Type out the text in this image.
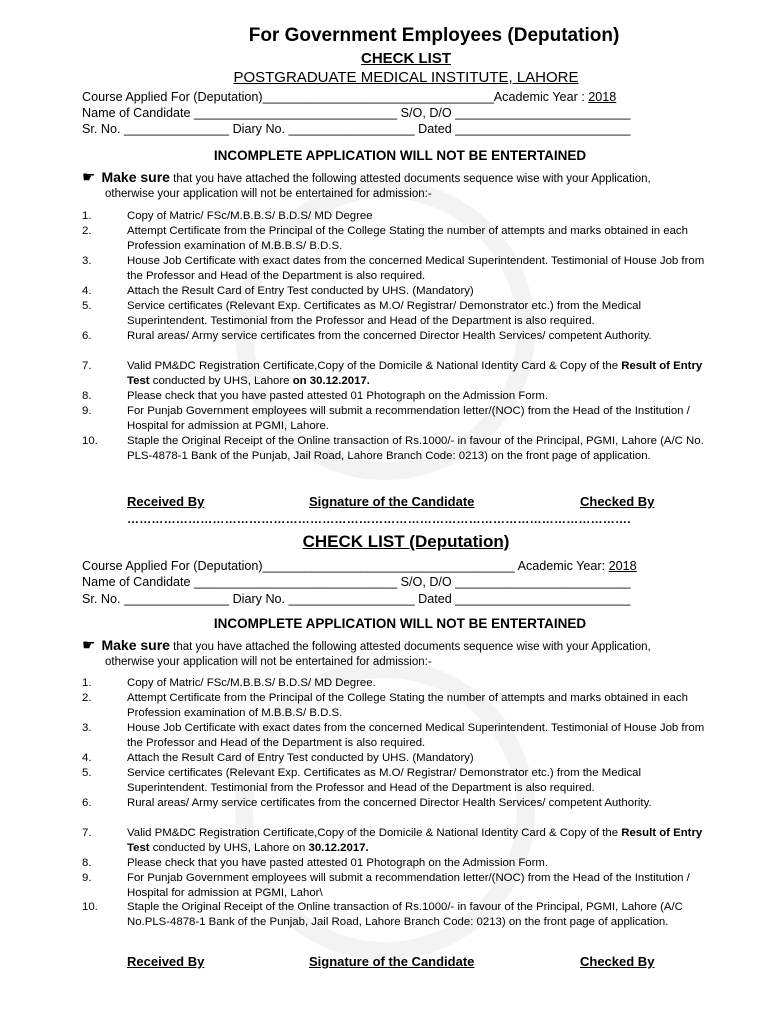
For Government Employees (Deputation)
CHECK LIST
POSTGRADUATE MEDICAL INSTITUTE, LAHORE
Course Applied For (Deputation)_________________________________Academic Year : 2018
Name of Candidate _____________________________ S/O, D/O _________________________
Sr. No. _______________ Diary No. __________________ Dated _________________________
INCOMPLETE APPLICATION WILL NOT BE ENTERTAINED
☛ Make sure that you have attached the following attested documents sequence wise with your Application,
otherwise your application will not be entertained for admission:-
1.	Copy of Matric/ FSc/M.B.B.S/ B.D.S/ MD Degree
2.	Attempt Certificate from the Principal of the College Stating the number of attempts and marks obtained in each Profession examination of M.B.B.S/ B.D.S.
3.	House Job Certificate with exact dates from the concerned Medical Superintendent. Testimonial of House Job from the Professor and Head of the Department is also required.
4.	Attach the Result Card of Entry Test conducted by UHS. (Mandatory)
5.	Service certificates (Relevant Exp. Certificates as M.O/ Registrar/ Demonstrator etc.) from the Medical Superintendent. Testimonial from the Professor and Head of the Department is also required.
6.	Rural areas/ Army service certificates from the concerned Director Health Services/ competent Authority.
7.	Valid PM&DC Registration Certificate,Copy of the Domicile & National Identity Card & Copy of the Result of Entry Test conducted by UHS, Lahore on 30.12.2017.
8.	Please check that you have pasted attested 01 Photograph on the Admission Form.
9.	For Punjab Government employees will submit a recommendation letter/(NOC) from the Head of the Institution / Hospital for admission at PGMI, Lahore.
10.	Staple the Original Receipt of the Online transaction of Rs.1000/- in favour of the Principal, PGMI, Lahore (A/C No. PLS-4878-1 Bank of the Punjab, Jail Road, Lahore Branch Code: 0213) on the front page of application.
Received By	Signature of the Candidate	Checked By
…………………………………………………………………………………………………………….
CHECK LIST (Deputation)
Course Applied For (Deputation)____________________________________ Academic Year: 2018
Name of Candidate _____________________________ S/O, D/O _________________________
Sr. No. _______________ Diary No. __________________ Dated _________________________
INCOMPLETE APPLICATION WILL NOT BE ENTERTAINED
☛ Make sure that you have attached the following attested documents sequence wise with your Application,
otherwise your application will not be entertained for admission:-
1.	Copy of Matric/ FSc/M.B.B.S/ B.D.S/ MD Degree.
2.	Attempt Certificate from the Principal of the College Stating the number of attempts and marks obtained in each Profession examination of M.B.B.S/ B.D.S.
3.	House Job Certificate with exact dates from the concerned Medical Superintendent. Testimonial of House Job from the Professor and Head of the Department is also required.
4.	Attach the Result Card of Entry Test conducted by UHS. (Mandatory)
5.	Service certificates (Relevant Exp. Certificates as M.O/ Registrar/ Demonstrator etc.) from the Medical Superintendent. Testimonial from the Professor and Head of the Department is also required.
6.	Rural areas/ Army service certificates from the concerned Director Health Services/ competent Authority.
7.	Valid PM&DC Registration Certificate,Copy of the Domicile & National Identity Card & Copy of the Result of Entry Test conducted by UHS, Lahore on 30.12.2017.
8.	Please check that you have pasted attested 01 Photograph on the Admission Form.
9.	For Punjab Government employees will submit a recommendation letter/(NOC) from the Head of the Institution / Hospital for admission at PGMI, Lahor\
10.	Staple the Original Receipt of the Online transaction of Rs.1000/- in favour of the Principal, PGMI, Lahore (A/C No.PLS-4878-1 Bank of the Punjab, Jail Road, Lahore Branch Code: 0213) on the front page of application.
Received By	Signature of the Candidate	Checked By
